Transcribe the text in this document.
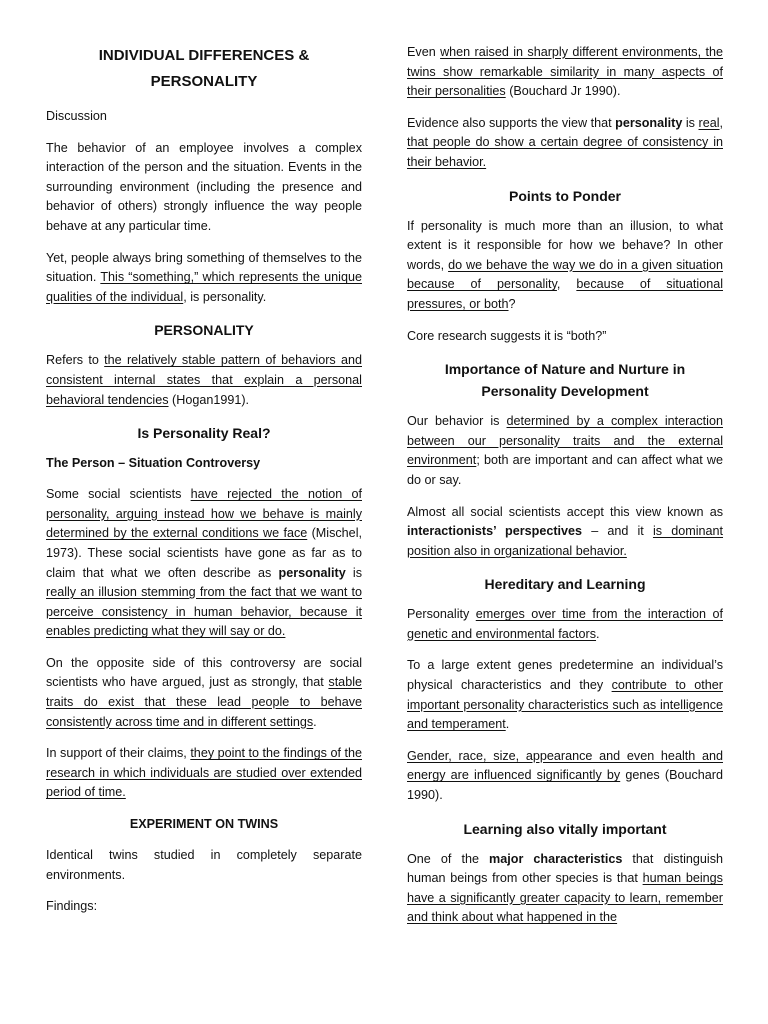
INDIVIDUAL DIFFERENCES &
PERSONALITY

Discussion

The behavior of an employee involves a complex interaction of the person and the situation. Events in the surrounding environment (including the presence and behavior of others) strongly influence the way people behave at any particular time.

Yet, people always bring something of themselves to the situation. This “something,” which represents the unique qualities of the individual, is personality.

PERSONALITY

Refers to the relatively stable pattern of behaviors and consistent internal states that explain a personal behavioral tendencies (Hogan1991).

Is Personality Real?
The Person – Situation Controversy

Some social scientists have rejected the notion of personality, arguing instead how we behave is mainly determined by the external conditions we face (Mischel, 1973). These social scientists have gone as far as to claim that what we often describe as personality is really an illusion stemming from the fact that we want to perceive consistency in human behavior, because it enables predicting what they will say or do.

On the opposite side of this controversy are social scientists who have argued, just as strongly, that stable traits do exist that these lead people to behave consistently across time and in different settings.

In support of their claims, they point to the findings of the research in which individuals are studied over extended period of time.

EXPERIMENT ON TWINS

Identical twins studied in completely separate environments.

Findings:

Even when raised in sharply different environments, the twins show remarkable similarity in many aspects of their personalities (Bouchard Jr 1990).

Evidence also supports the view that personality is real, that people do show a certain degree of consistency in their behavior.

Points to Ponder

If personality is much more than an illusion, to what extent is it responsible for how we behave? In other words, do we behave the way we do in a given situation because of personality, because of situational pressures, or both?

Core research suggests it is “both?”

Importance of Nature and Nurture in
Personality Development

Our behavior is determined by a complex interaction between our personality traits and the external environment; both are important and can affect what we do or say.

Almost all social scientists accept this view known as interactionists’ perspectives – and it is dominant position also in organizational behavior.

Hereditary and Learning

Personality emerges over time from the interaction of genetic and environmental factors.

To a large extent genes predetermine an individual’s physical characteristics and they contribute to other important personality characteristics such as intelligence and temperament.

Gender, race, size, appearance and even health and energy are influenced significantly by genes (Bouchard 1990).

Learning also vitally important

One of the major characteristics that distinguish human beings from other species is that human beings have a significantly greater capacity to learn, remember and think about what happened in the
